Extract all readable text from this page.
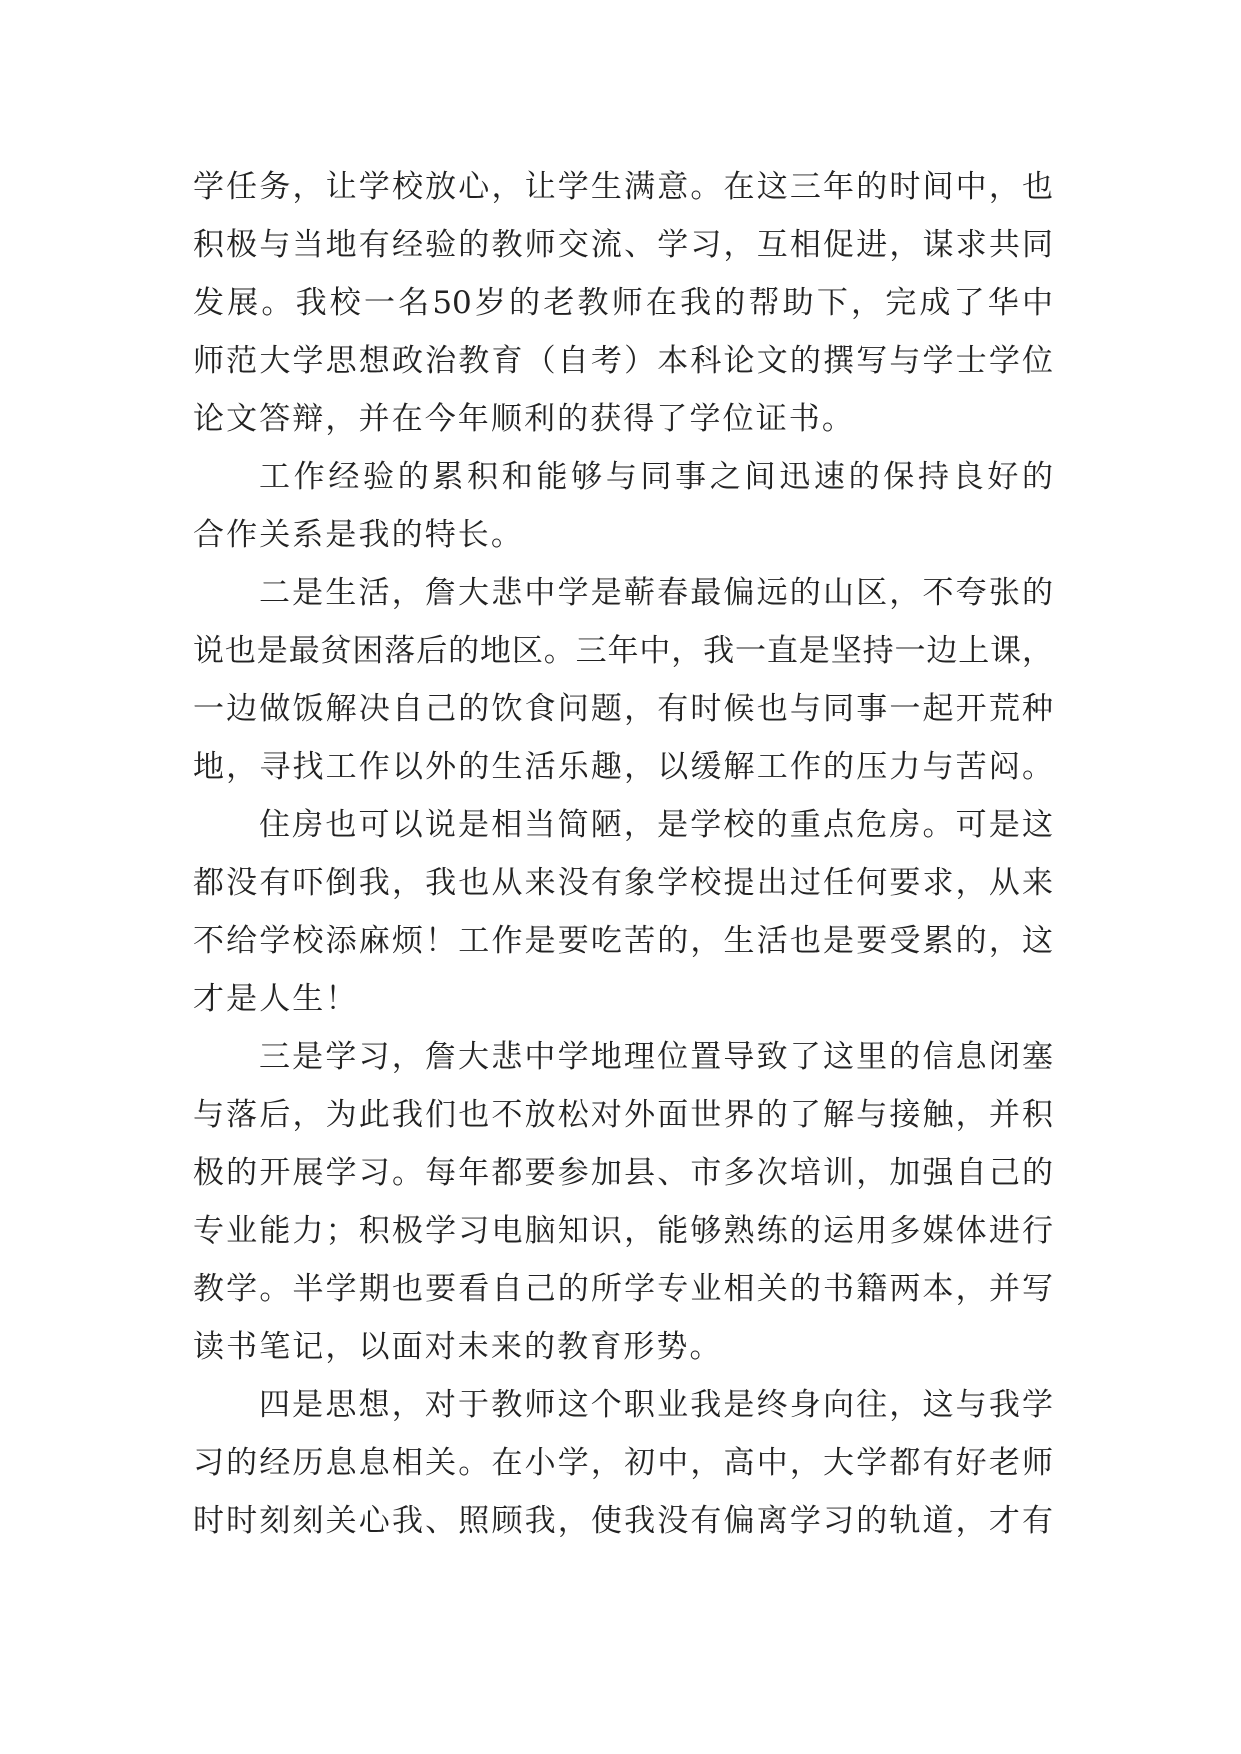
学任务，让学校放心，让学生满意。在这三年的时间中，也
积极与当地有经验的教师交流、学习，互相促进，谋求共同
发展。我校一名50岁的老教师在我的帮助下，完成了华中
师范大学思想政治教育（自考）本科论文的撰写与学士学位
论文答辩，并在今年顺利的获得了学位证书。
工作经验的累积和能够与同事之间迅速的保持良好的
合作关系是我的特长。
二是生活，詹大悲中学是蕲春最偏远的山区，不夸张的
说也是最贫困落后的地区。三年中，我一直是坚持一边上课，
一边做饭解决自己的饮食问题，有时候也与同事一起开荒种
地，寻找工作以外的生活乐趣，以缓解工作的压力与苦闷。
住房也可以说是相当简陋，是学校的重点危房。可是这
都没有吓倒我，我也从来没有象学校提出过任何要求，从来
不给学校添麻烦！工作是要吃苦的，生活也是要受累的，这
才是人生！
三是学习，詹大悲中学地理位置导致了这里的信息闭塞
与落后，为此我们也不放松对外面世界的了解与接触，并积
极的开展学习。每年都要参加县、市多次培训，加强自己的
专业能力；积极学习电脑知识，能够熟练的运用多媒体进行
教学。半学期也要看自己的所学专业相关的书籍两本，并写
读书笔记，以面对未来的教育形势。
四是思想，对于教师这个职业我是终身向往，这与我学
习的经历息息相关。在小学，初中，高中，大学都有好老师
时时刻刻关心我、照顾我，使我没有偏离学习的轨道，才有
